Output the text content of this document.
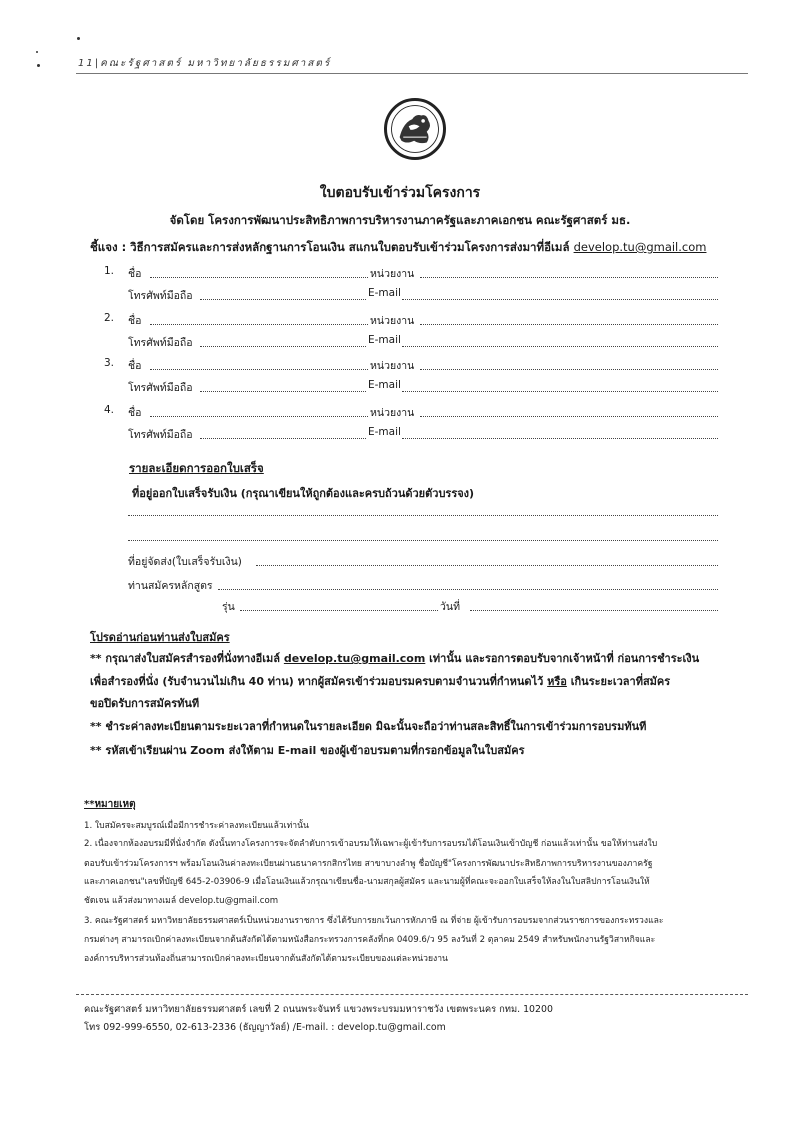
11|คณะรัฐศาสตร์ มหาวิทยาลัยธรรมศาสตร์
ใบตอบรับเข้าร่วมโครงการ
จัดโดย โครงการพัฒนาประสิทธิภาพการบริหารงานภาครัฐและภาคเอกชน คณะรัฐศาสตร์ มธ.
ชี้แจง : วิธีการสมัครและการส่งหลักฐานการโอนเงิน สแกนใบตอบรับเข้าร่วมโครงการส่งมาที่อีเมล์ develop.tu@gmail.com
1. ชื่อ	หน่วยงาน
โทรศัพท์มือถือ	E-mail
2. ชื่อ	หน่วยงาน
โทรศัพท์มือถือ	E-mail
3. ชื่อ	หน่วยงาน
โทรศัพท์มือถือ	E-mail
4. ชื่อ	หน่วยงาน
โทรศัพท์มือถือ	E-mail
รายละเอียดการออกใบเสร็จ
ที่อยู่ออกใบเสร็จรับเงิน (กรุณาเขียนให้ถูกต้องและครบถ้วนด้วยตัวบรรจง)
ที่อยู่จัดส่ง(ใบเสร็จรับเงิน)
ท่านสมัครหลักสูตร
รุ่น	วันที่
โปรดอ่านก่อนท่านส่งใบสมัคร
** กรุณาส่งใบสมัครสำรองที่นั่งทางอีเมล์ develop.tu@gmail.com เท่านั้น และรอการตอบรับจากเจ้าหน้าที่ ก่อนการชำระเงิน
เพื่อสำรองที่นั่ง (รับจำนวนไม่เกิน 40 ท่าน) หากผู้สมัครเข้าร่วมอบรมครบตามจำนวนที่กำหนดไว้ หรือ เกินระยะเวลาที่สมัคร
ขอปิดรับการสมัครทันที
** ชำระค่าลงทะเบียนตามระยะเวลาที่กำหนดในรายละเอียด มิฉะนั้นจะถือว่าท่านสละสิทธิ์ในการเข้าร่วมการอบรมทันที
** รหัสเข้าเรียนผ่าน Zoom ส่งให้ตาม E-mail ของผู้เข้าอบรมตามที่กรอกข้อมูลในใบสมัคร
**หมายเหตุ
1. ใบสมัครจะสมบูรณ์เมื่อมีการชำระค่าลงทะเบียนแล้วเท่านั้น
2. เนื่องจากห้องอบรมมีที่นั่งจำกัด ดังนั้นทางโครงการจะจัดลำดับการเข้าอบรมให้เฉพาะผู้เข้ารับการอบรมได้โอนเงินเข้าบัญชี ก่อนแล้วเท่านั้น ขอให้ท่านส่งใบ
ตอบรับเข้าร่วมโครงการฯ พร้อมโอนเงินค่าลงทะเบียนผ่านธนาคารกสิกรไทย สาขาบางลำพู ชื่อบัญชี"โครงการพัฒนาประสิทธิภาพการบริหารงานของภาครัฐ
และภาคเอกชน"เลขที่บัญชี 645-2-03906-9 เมื่อโอนเงินแล้วกรุณาเขียนชื่อ-นามสกุลผู้สมัคร และนามผู้ที่คณะจะออกใบเสร็จให้ลงในใบสลิปการโอนเงินให้
ชัดเจน แล้วส่งมาทางเมล์ develop.tu@gmail.com
3. คณะรัฐศาสตร์ มหาวิทยาลัยธรรมศาสตร์เป็นหน่วยงานราชการ ซึ่งได้รับการยกเว้นการหักภาษี ณ ที่จ่าย ผู้เข้ารับการอบรมจากส่วนราชการของกระทรวงและ
กรมต่างๆ สามารถเบิกค่าลงทะเบียนจากต้นสังกัดได้ตามหนังสือกระทรวงการคลังที่กค 0409.6/ว 95 ลงวันที่ 2 ตุลาคม 2549 สำหรับพนักงานรัฐวิสาหกิจและ
องค์การบริหารส่วนท้องถิ่นสามารถเบิกค่าลงทะเบียนจากต้นสังกัดได้ตามระเบียบของแต่ละหน่วยงาน
คณะรัฐศาสตร์ มหาวิทยาลัยธรรมศาสตร์ เลขที่ 2 ถนนพระจันทร์ แขวงพระบรมมหาราชวัง เขตพระนคร กทม. 10200
โทร 092-999-6550, 02-613-2336 (ธัญญาวัลย์) /E-mail. : develop.tu@gmail.com
